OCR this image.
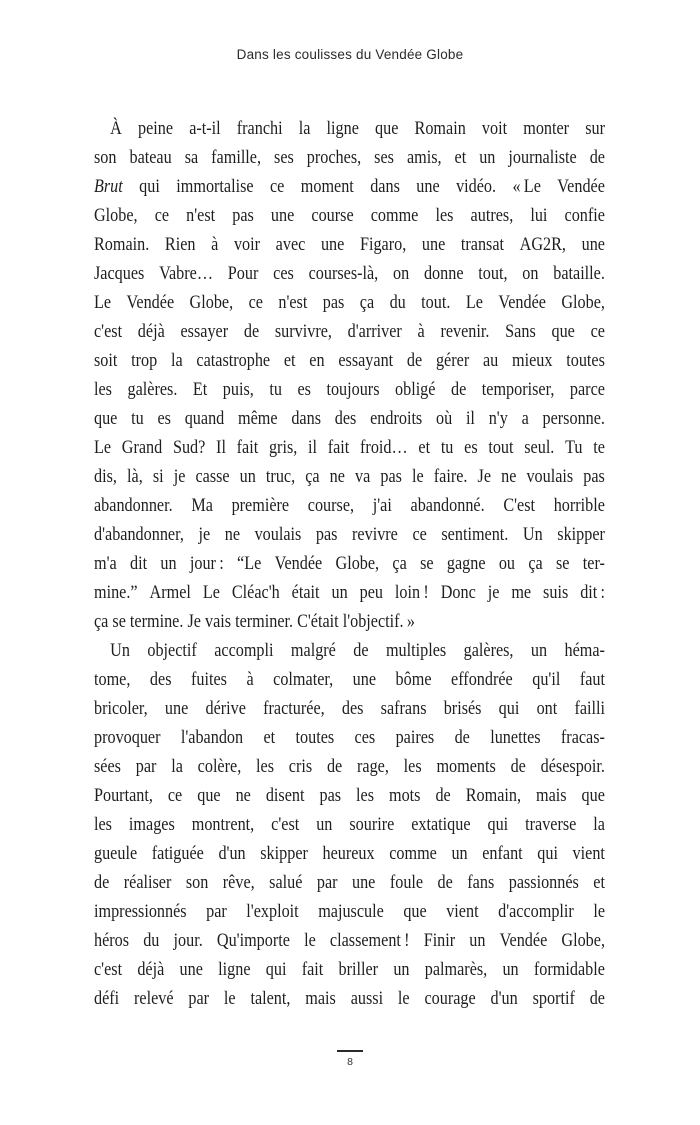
Dans les coulisses du Vendée Globe
À peine a-t-il franchi la ligne que Romain voit monter sur
son bateau sa famille, ses proches, ses amis, et un journaliste de
Brut qui immortalise ce moment dans une vidéo. « Le Vendée
Globe, ce n'est pas une course comme les autres, lui confie
Romain. Rien à voir avec une Figaro, une transat AG2R, une
Jacques Vabre… Pour ces courses-là, on donne tout, on bataille.
Le Vendée Globe, ce n'est pas ça du tout. Le Vendée Globe,
c'est déjà essayer de survivre, d'arriver à revenir. Sans que ce
soit trop la catastrophe et en essayant de gérer au mieux toutes
les galères. Et puis, tu es toujours obligé de temporiser, parce
que tu es quand même dans des endroits où il n'y a personne.
Le Grand Sud? Il fait gris, il fait froid… et tu es tout seul. Tu te
dis, là, si je casse un truc, ça ne va pas le faire. Je ne voulais pas
abandonner. Ma première course, j'ai abandonné. C'est horrible
d'abandonner, je ne voulais pas revivre ce sentiment. Un skipper
m'a dit un jour : “Le Vendée Globe, ça se gagne ou ça se ter-
mine.” Armel Le Cléac'h était un peu loin ! Donc je me suis dit :
ça se termine. Je vais terminer. C'était l'objectif. »
Un objectif accompli malgré de multiples galères, un héma-
tome, des fuites à colmater, une bôme effondrée qu'il faut
bricoler, une dérive fracturée, des safrans brisés qui ont failli
provoquer l'abandon et toutes ces paires de lunettes fracas-
sées par la colère, les cris de rage, les moments de désespoir.
Pourtant, ce que ne disent pas les mots de Romain, mais que
les images montrent, c'est un sourire extatique qui traverse la
gueule fatiguée d'un skipper heureux comme un enfant qui vient
de réaliser son rêve, salué par une foule de fans passionnés et
impressionnés par l'exploit majuscule que vient d'accomplir le
héros du jour. Qu'importe le classement ! Finir un Vendée Globe,
c'est déjà une ligne qui fait briller un palmarès, un formidable
défi relevé par le talent, mais aussi le courage d'un sportif de
8
